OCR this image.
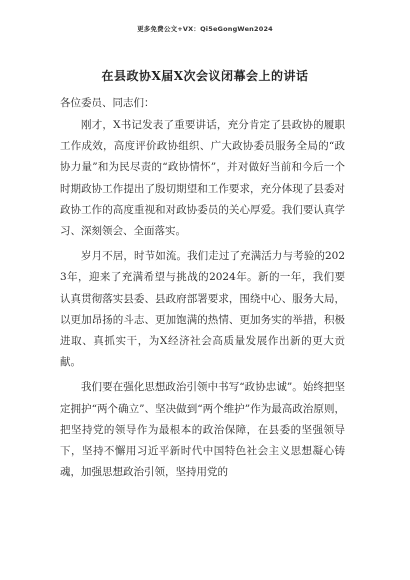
更多免费公文+VX：Qi5eGongWen2024
在县政协X届X次会议闭幕会上的讲话

各位委员、同志们：

刚才，X书记发表了重要讲话，充分肯定了县政协的履职工作成效，高度评价政协组织、广大政协委员服务全局的“政协力量”和为民尽责的“政协情怀”，并对做好当前和今后一个时期政协工作提出了殷切期望和工作要求，充分体现了县委对政协工作的高度重视和对政协委员的关心厚爱。我们要认真学习、深刻领会、全面落实。

岁月不居，时节如流。我们走过了充满活力与考验的2023年，迎来了充满希望与挑战的2024年。新的一年，我们要认真贯彻落实县委、县政府部署要求，围绕中心、服务大局，以更加昂扬的斗志、更加饱满的热情、更加务实的举措，积极进取、真抓实干，为X经济社会高质量发展作出新的更大贡献。

我们要在强化思想政治引领中书写“政协忠诚”。始终把坚定拥护“两个确立”、坚决做到“两个维护”作为最高政治原则，把坚持党的领导作为最根本的政治保障，在县委的坚强领导下，坚持不懈用习近平新时代中国特色社会主义思想凝心铸魂，加强思想政治引领，坚持用党的
